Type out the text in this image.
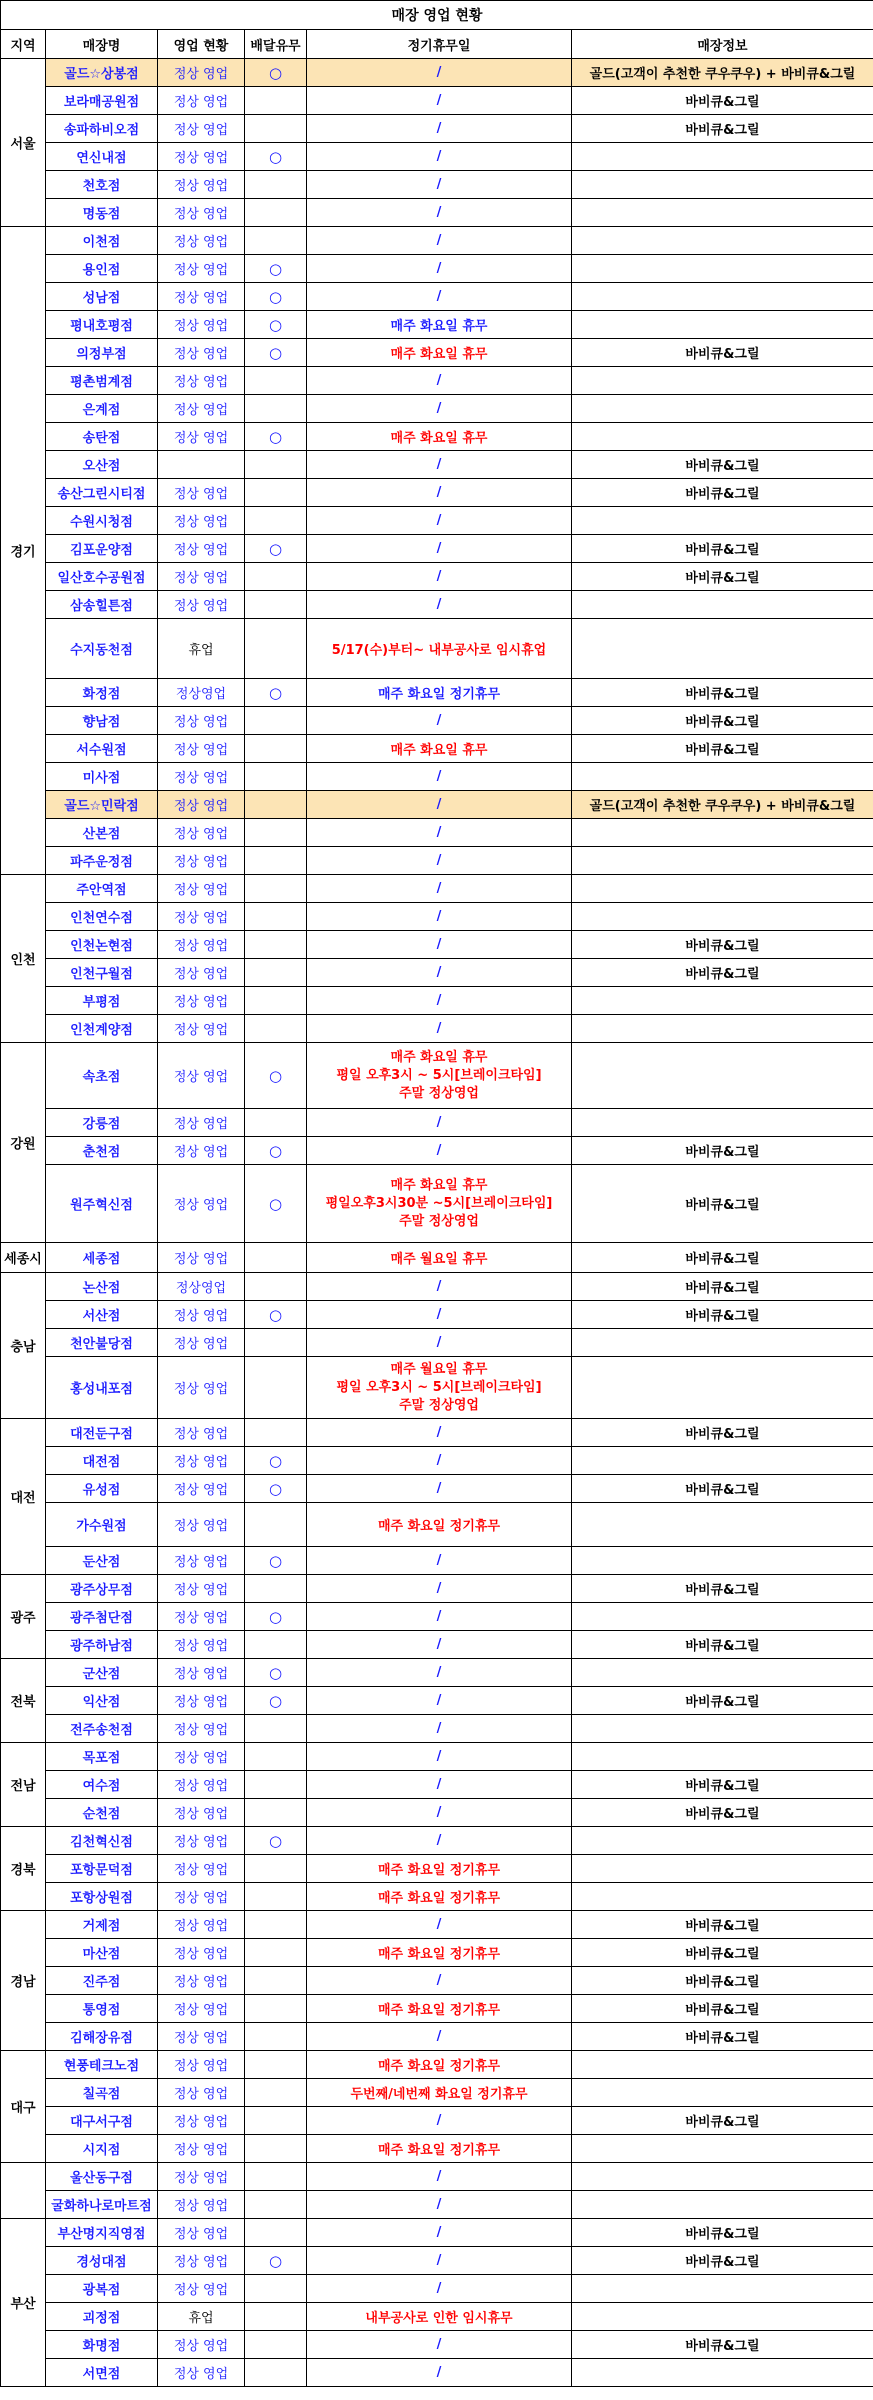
매장 영업 현황					
지역	매장명	영업 현황	배달유무	정기휴무일	매장정보
서울	골드☆상봉점	정상 영업	○	/	골드(고객이 추천한 쿠우쿠우) + 바비큐&그릴
	보라매공원점	정상 영업		/	바비큐&그릴
	송파하비오점	정상 영업		/	바비큐&그릴
	연신내점	정상 영업	○	/	
	천호점	정상 영업		/	
	명동점	정상 영업		/	
경기	이천점	정상 영업		/	
	용인점	정상 영업	○	/	
	성남점	정상 영업	○	/	
	평내호평점	정상 영업	○	매주 화요일 휴무	
	의정부점	정상 영업	○	매주 화요일 휴무	바비큐&그릴
	평촌범계점	정상 영업		/	
	은계점	정상 영업		/	
	송탄점	정상 영업	○	매주 화요일 휴무	
	오산점			/	바비큐&그릴
	송산그린시티점	정상 영업		/	바비큐&그릴
	수원시청점	정상 영업		/	
	김포운양점	정상 영업	○	/	바비큐&그릴
	일산호수공원점	정상 영업		/	바비큐&그릴
	삼송힐튼점	정상 영업		/	
	수지동천점	휴업		5/17(수)부터~ 내부공사로 임시휴업	
	화정점	정상영업	○	매주 화요일 정기휴무	바비큐&그릴
	향남점	정상 영업		/	바비큐&그릴
	서수원점	정상 영업		매주 화요일 휴무	바비큐&그릴
	미사점	정상 영업		/	
	골드☆민락점	정상 영업		/	골드(고객이 추천한 쿠우쿠우) + 바비큐&그릴
	산본점	정상 영업		/	
	파주운정점	정상 영업		/	
인천	주안역점	정상 영업		/	
	인천연수점	정상 영업		/	
	인천논현점	정상 영업		/	바비큐&그릴
	인천구월점	정상 영업		/	바비큐&그릴
	부평점	정상 영업		/	
	인천계양점	정상 영업		/	
강원	속초점	정상 영업	○	매주 화요일 휴무
평일 오후3시 ~ 5시[브레이크타임]
주말 정상영업	

	강릉점	정상 영업		/	
	춘천점	정상 영업	○	/	바비큐&그릴
	원주혁신점	정상 영업	○	매주 화요일 휴무
평일오후3시30분 ~5시[브레이크타임]
주말 정상영업	바비큐&그릴
세종시	세종점	정상 영업		매주 월요일 휴무	바비큐&그릴
충남	논산점	정상영업		/	바비큐&그릴
	서산점	정상 영업	○	/	바비큐&그릴
	천안불당점	정상 영업		/	
	홍성내포점	정상 영업		매주 월요일 휴무
평일 오후3시 ~ 5시[브레이크타임]
주말 정상영업	

대전	대전둔구점	정상 영업		/	바비큐&그릴
	대전점	정상 영업	○	/	
	유성점	정상 영업	○	/	바비큐&그릴
	가수원점	정상 영업		매주 화요일 정기휴무	
	둔산점	정상 영업	○	/	
광주	광주상무점	정상 영업		/	바비큐&그릴
	광주첨단점	정상 영업	○	/	
	광주하남점	정상 영업		/	바비큐&그릴
전북	군산점	정상 영업	○	/	
	익산점	정상 영업	○	/	바비큐&그릴
	전주송천점	정상 영업		/	
전남	목포점	정상 영업		/	
	여수점	정상 영업		/	바비큐&그릴
	순천점	정상 영업		/	바비큐&그릴
경북	김천혁신점	정상 영업	○	/	
	포항문덕점	정상 영업		매주 화요일 정기휴무	
	포항상원점	정상 영업		매주 화요일 정기휴무	
경남	거제점	정상 영업		/	바비큐&그릴
	마산점	정상 영업		매주 화요일 정기휴무	바비큐&그릴
	진주점	정상 영업		/	바비큐&그릴
	통영점	정상 영업		매주 화요일 정기휴무	바비큐&그릴
	김해장유점	정상 영업		/	바비큐&그릴
대구	현풍테크노점	정상 영업		매주 화요일 정기휴무	
	칠곡점	정상 영업		두번째/네번째 화요일 정기휴무	
	대구서구점	정상 영업		/	바비큐&그릴
	시지점	정상 영업		매주 화요일 정기휴무	
	울산동구점	정상 영업		/	
	굴화하나로마트점	정상 영업		/	
부산	부산명지직영점	정상 영업		/	바비큐&그릴
	경성대점	정상 영업	○	/	바비큐&그릴
	광복점	정상 영업		/	
	괴정점	휴업		내부공사로 인한 임시휴무	
	화명점	정상 영업		/	바비큐&그릴
	서면점	정상 영업		/	
